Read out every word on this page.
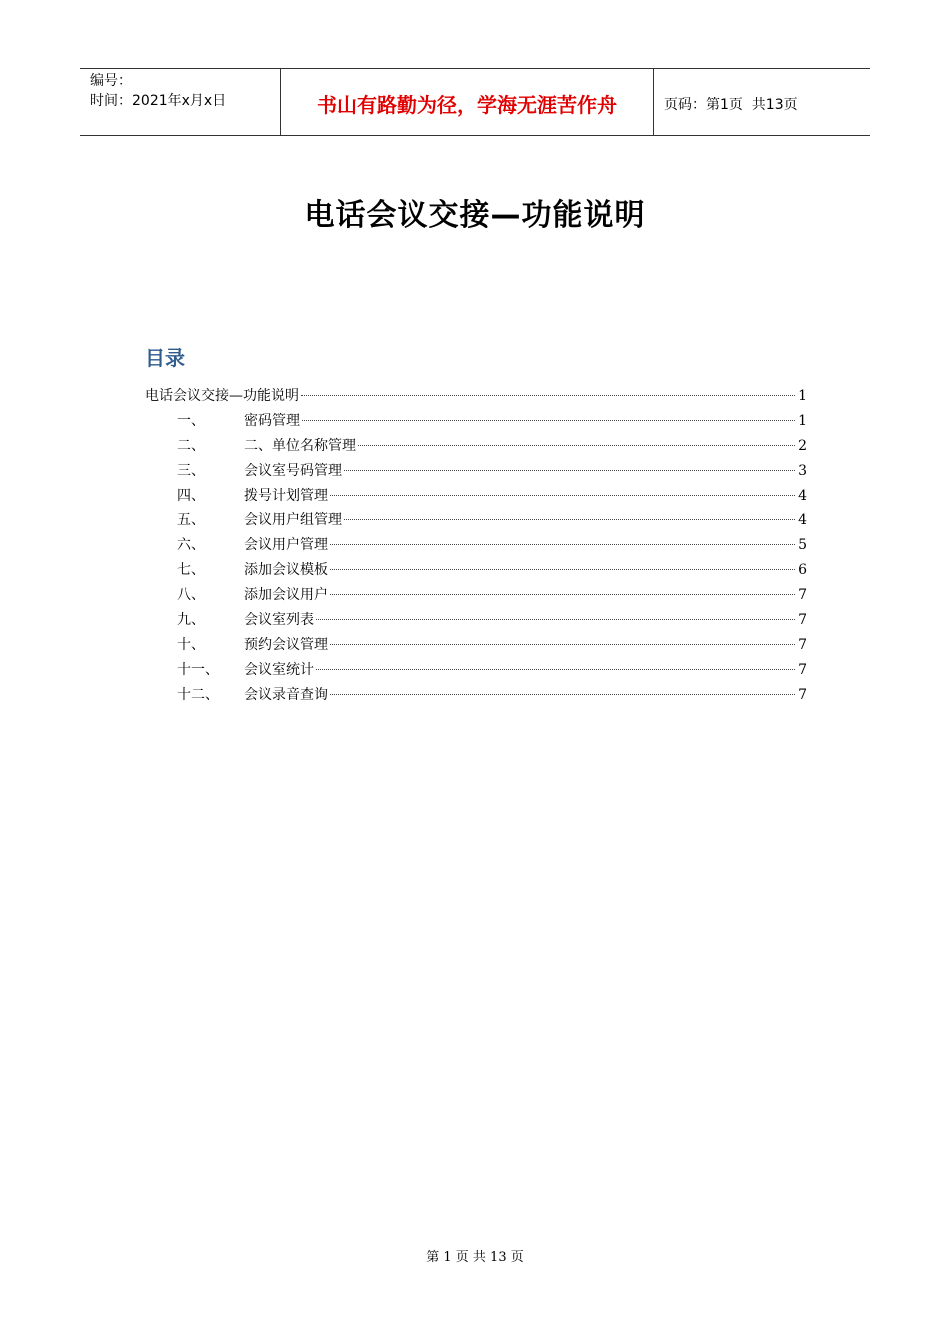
编号：
时间：2021年x月x日	书山有路勤为径，学海无涯苦作舟	页码：第1页  共13页
电话会议交接—功能说明
目录
电话会议交接—功能说明	1
一、	密码管理	1
二、	二、单位名称管理	2
三、	会议室号码管理	3
四、	拨号计划管理	4
五、	会议用户组管理	4
六、	会议用户管理	5
七、	添加会议模板	6
八、	添加会议用户	7
九、	会议室列表	7
十、	预约会议管理	7
十一、	会议室统计	7
十二、	会议录音查询	7
第 1 页 共 13 页
